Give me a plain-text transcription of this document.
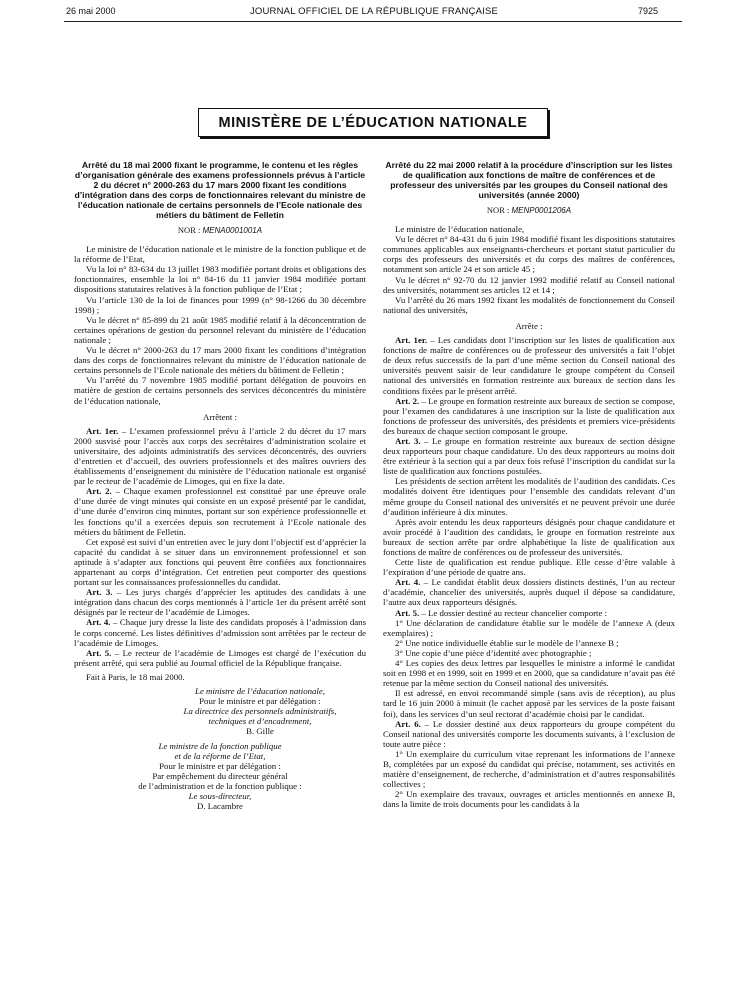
26 mai 2000	JOURNAL OFFICIEL DE LA RÉPUBLIQUE FRANÇAISE	7925
MINISTÈRE DE L’ÉDUCATION NATIONALE

Arrêté du 18 mai 2000 fixant le programme, le contenu et les règles d’organisation générale des examens professionnels prévus à l’article 2 du décret n° 2000-263 du 17 mars 2000 fixant les conditions d’intégration dans des corps de fonctionnaires relevant du ministre de l’éducation nationale de certains personnels de l’Ecole nationale des métiers du bâtiment de Felletin

NOR : MENA0001001A

Le ministre de l’éducation nationale et le ministre de la fonction publique et de la réforme de l’Etat,

Vu la loi n° 83-634 du 13 juillet 1983 modifiée portant droits et obligations des fonctionnaires, ensemble la loi n° 84-16 du 11 janvier 1984 modifiée portant dispositions statutaires relatives à la fonction publique de l’Etat ;

Vu l’article 130 de la loi de finances pour 1999 (n° 98-1266 du 30 décembre 1998) ;

Vu le décret n° 85-899 du 21 août 1985 modifié relatif à la déconcentration de certaines opérations de gestion du personnel relevant du ministère de l’éducation nationale ;

Vu le décret n° 2000-263 du 17 mars 2000 fixant les conditions d’intégration dans des corps de fonctionnaires relevant du ministre de l’éducation nationale de certains personnels de l’Ecole nationale des métiers du bâtiment de Felletin ;

Vu l’arrêté du 7 novembre 1985 modifié portant délégation de pouvoirs en matière de gestion de certains personnels des services déconcentrés du ministère de l’éducation nationale,

Arrêtent :

Art. 1er. – L’examen professionnel prévu à l’article 2 du décret du 17 mars 2000 susvisé pour l’accès aux corps des secrétaires d’administration scolaire et universitaire, des adjoints administratifs des services déconcentrés, des ouvriers d’entretien et d’accueil, des ouvriers professionnels et des maîtres ouvriers des établissements d’enseignement du ministère de l’éducation nationale est organisé par le recteur de l’académie de Limoges, qui en fixe la date.

Art. 2. – Chaque examen professionnel est constitué par une épreuve orale d’une durée de vingt minutes qui consiste en un exposé présenté par le candidat, d’une durée d’environ cinq minutes, portant sur son expérience professionnelle et les fonctions qu’il a exercées depuis son recrutement à l’Ecole nationale des métiers du bâtiment de Felletin.

Cet exposé est suivi d’un entretien avec le jury dont l’objectif est d’apprécier la capacité du candidat à se situer dans un environnement professionnel et son aptitude à s’adapter aux fonctions qui peuvent être confiées aux fonctionnaires appartenant au corps d’intégration. Cet entretien peut comporter des questions portant sur les connaissances professionnelles du candidat.

Art. 3. – Les jurys chargés d’apprécier les aptitudes des candidats à une intégration dans chacun des corps mentionnés à l’article 1er du présent arrêté sont désignés par le recteur de l’académie de Limoges.

Art. 4. – Chaque jury dresse la liste des candidats proposés à l’admission dans le corps concerné. Les listes définitives d’admission sont arrêtées par le recteur de l’académie de Limoges.

Art. 5. – Le recteur de l’académie de Limoges est chargé de l’exécution du présent arrêté, qui sera publié au Journal officiel de la République française.

Fait à Paris, le 18 mai 2000.

Le ministre de l’éducation nationale,

Pour le ministre et par délégation :

La directrice des personnels administratifs,

techniques et d’encadrement,

B. Gille

Le ministre de la fonction publique

et de la réforme de l’Etat,

Pour le ministre et par délégation :

Par empêchement du directeur général

de l’administration et de la fonction publique :

Le sous-directeur,

D. Lacambre

Arrêté du 22 mai 2000 relatif à la procédure d’inscription sur les listes de qualification aux fonctions de maître de conférences et de professeur des universités par les groupes du Conseil national des universités (année 2000)

NOR : MENP0001206A

Le ministre de l’éducation nationale,

Vu le décret n° 84-431 du 6 juin 1984 modifié fixant les dispositions statutaires communes applicables aux enseignants-chercheurs et portant statut particulier du corps des professeurs des universités et du corps des maîtres de conférences, notamment son article 24 et son article 45 ;

Vu le décret n° 92-70 du 12 janvier 1992 modifié relatif au Conseil national des universités, notamment ses articles 12 et 14 ;

Vu l’arrêté du 26 mars 1992 fixant les modalités de fonctionnement du Conseil national des universités,

Arrête :

Art. 1er. – Les candidats dont l’inscription sur les listes de qualification aux fonctions de maître de conférences ou de professeur des universités a fait l’objet de deux refus successifs de la part d’une même section du Conseil national des universités peuvent saisir de leur candidature le groupe compétent du Conseil national des universités en formation restreinte aux bureaux de section dans les conditions fixées par le présent arrêté.

Art. 2. – Le groupe en formation restreinte aux bureaux de section se compose, pour l’examen des candidatures à une inscription sur la liste de qualification aux fonctions de professeur des universités, des présidents et premiers vice-présidents des bureaux de chaque section composant le groupe.

Art. 3. – Le groupe en formation restreinte aux bureaux de section désigne deux rapporteurs pour chaque candidature. Un des deux rapporteurs au moins doit être extérieur à la section qui a par deux fois refusé l’inscription du candidat sur la liste de qualification aux fonctions postulées.

Les présidents de section arrêtent les modalités de l’audition des candidats. Ces modalités doivent être identiques pour l’ensemble des candidats relevant d’un même groupe du Conseil national des universités et ne peuvent prévoir une durée d’audition inférieure à dix minutes.

Après avoir entendu les deux rapporteurs désignés pour chaque candidature et avoir procédé à l’audition des candidats, le groupe en formation restreinte aux bureaux de section arrête par ordre alphabétique la liste de qualification aux fonctions de maître de conférences ou de professeur des universités.

Cette liste de qualification est rendue publique. Elle cesse d’être valable à l’expiration d’une période de quatre ans.

Art. 4. – Le candidat établit deux dossiers distincts destinés, l’un au recteur d’académie, chancelier des universités, auprès duquel il dépose sa candidature, l’autre aux deux rapporteurs désignés.

Art. 5. – Le dossier destiné au recteur chancelier comporte :

1° Une déclaration de candidature établie sur le modèle de l’annexe A (deux exemplaires) ;

2° Une notice individuelle établie sur le modèle de l’annexe B ;

3° Une copie d’une pièce d’identité avec photographie ;

4° Les copies des deux lettres par lesquelles le ministre a informé le candidat soit en 1998 et en 1999, soit en 1999 et en 2000, que sa candidature n’avait pas été retenue par la même section du Conseil national des universités.

Il est adressé, en envoi recommandé simple (sans avis de réception), au plus tard le 16 juin 2000 à minuit (le cachet apposé par les services de la poste faisant foi), dans les services d’un seul rectorat d’académie choisi par le candidat.

Art. 6. – Le dossier destiné aux deux rapporteurs du groupe compétent du Conseil national des universités comporte les documents suivants, à l’exclusion de toute autre pièce :

1° Un exemplaire du curriculum vitae reprenant les informations de l’annexe B, complétées par un exposé du candidat qui précise, notamment, ses activités en matière d’enseignement, de recherche, d’administration et d’autres responsabilités collectives ;

2° Un exemplaire des travaux, ouvrages et articles mentionnés en annexe B, dans la limite de trois documents pour les candidats à la
